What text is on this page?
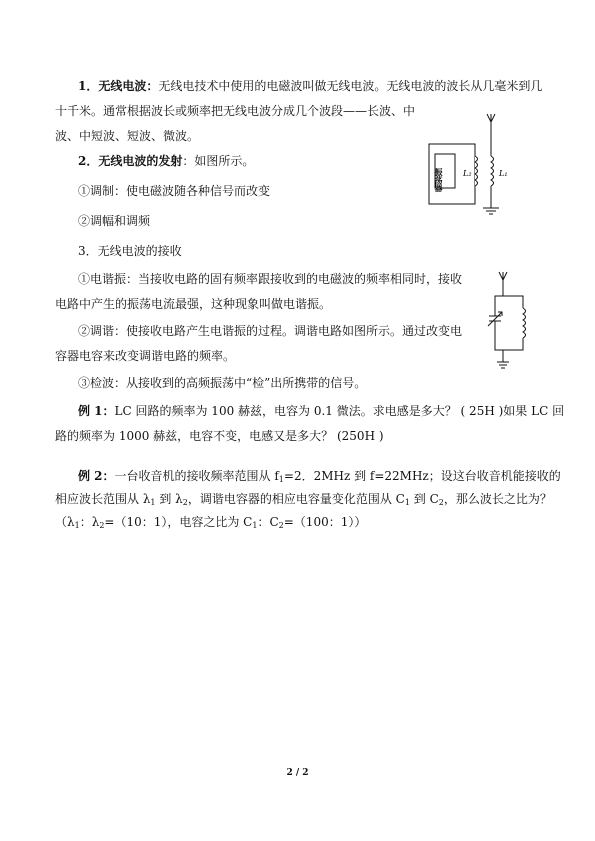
1．无线电波：无线电技术中使用的电磁波叫做无线电波。无线电波的波长从几毫米到几
十千米。通常根据波长或频率把无线电波分成几个波段——长波、中
波、中短波、短波、微波。
2．无线电波的发射：如图所示。
①调制：使电磁波随各种信号而改变
②调幅和调频
3．无线电波的接收
①电谐振：当接收电路的固有频率跟接收到的电磁波的频率相同时，接收
电路中产生的振荡电流最强，这种现象叫做电谐振。
②调谐：使接收电路产生电谐振的过程。调谐电路如图所示。通过改变电
容器电容来改变调谐电路的频率。
③检波：从接收到的高频振荡中“检”出所携带的信号。
例 1：LC 回路的频率为 100 赫兹，电容为 0.1 微法。求电感是多大？ ( 25H )如果 LC 回
路的频率为 1000 赫兹，电容不变，电感又是多大？ (250H )
例 2：一台收音机的接收频率范围从 $f_1=2$．2MHz 到 f=22MHz；设这台收音机能接收的
相应波长范围从 $\lambda_1$ 到 $\lambda_2$，调谐电容器的相应电容量变化范围从 $C_1$ 到 $C_2$，那么波长之比为？
（$\lambda_1$：$\lambda_2=(10$：1），电容之比为 $C_1$：$C_2=(100$：1））
振荡器 L₂	L₁
2 / 2
